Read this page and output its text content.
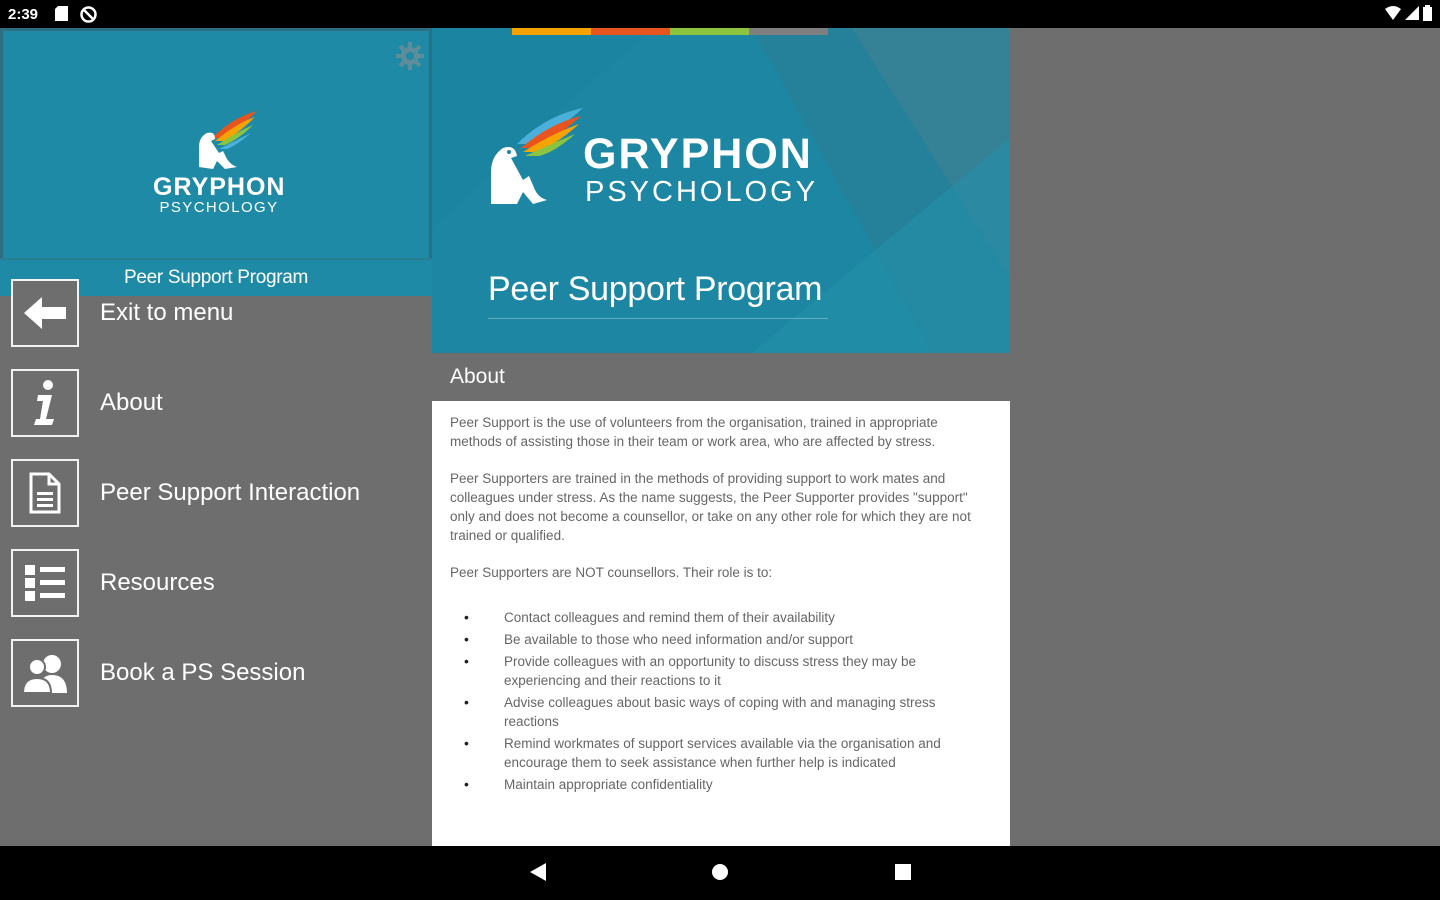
2:39
GRYPHON
PSYCHOLOGY
Peer Support Program
Exit to menu
About
Peer Support Interaction
Resources
Book a PS Session
GRYPHON
PSYCHOLOGY
Peer Support Program
About

Peer Support is the use of volunteers from the organisation, trained in appropriate methods of assisting those in their team or work area, who are affected by stress.

Peer Supporters are trained in the methods of providing support to work mates and colleagues under stress. As the name suggests, the Peer Supporter provides "support" only and does not become a counsellor, or take on any other role for which they are not trained or qualified.

Peer Supporters are NOT counsellors. Their role is to:

• Contact colleagues and remind them of their availability
• Be available to those who need information and/or support
• Provide colleagues with an opportunity to discuss stress they may be experiencing and their reactions to it
• Advise colleagues about basic ways of coping with and managing stress reactions
• Remind workmates of support services available via the organisation and encourage them to seek assistance when further help is indicated
• Maintain appropriate confidentiality
